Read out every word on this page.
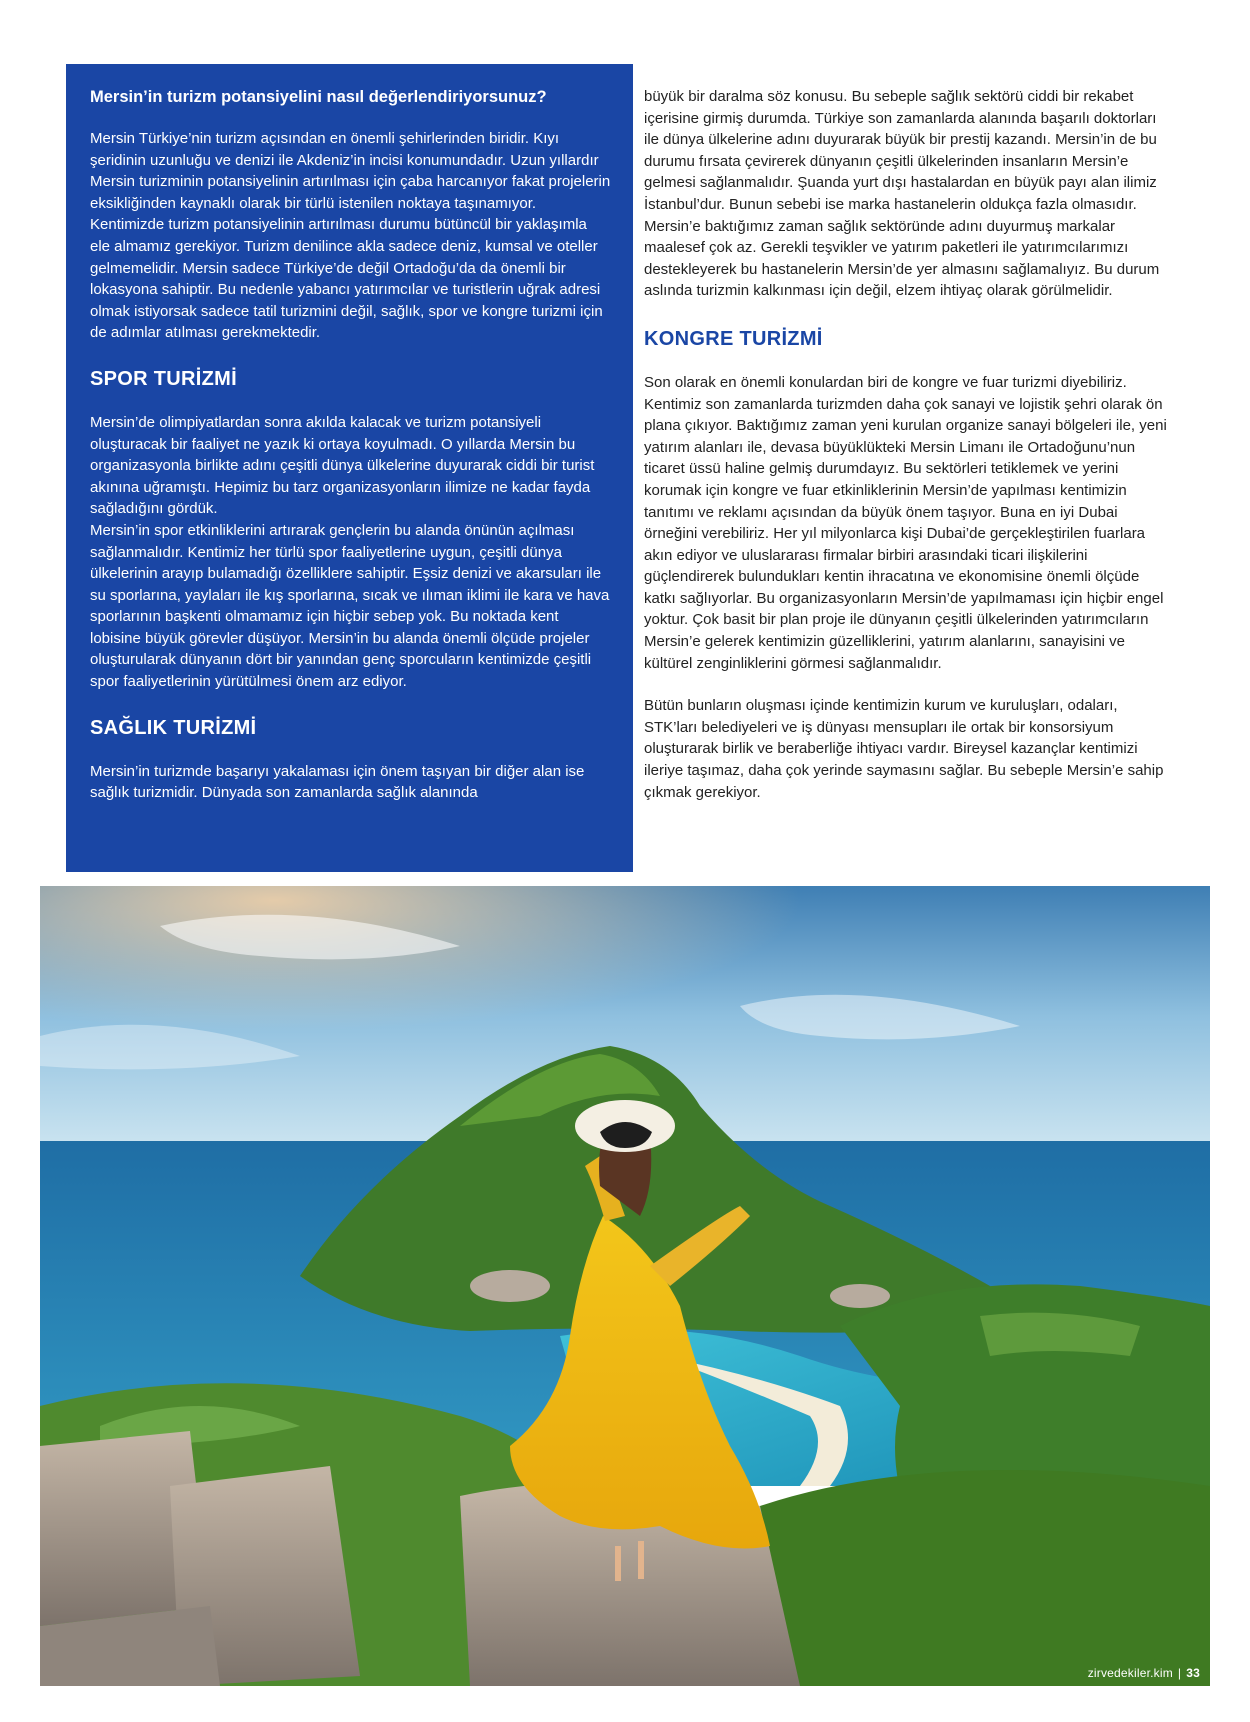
Mersin’in turizm potansiyelini nasıl değerlendiriyorsunuz?

Mersin Türkiye’nin turizm açısından en önemli şehirlerinden biridir. Kıyı şeridinin uzunluğu ve denizi ile Akdeniz’in incisi konumundadır. Uzun yıllardır Mersin turizminin potansiyelinin artırılması için çaba harcanıyor fakat projelerin eksikliğinden kaynaklı olarak bir türlü istenilen noktaya taşınamıyor. Kentimizde turizm potansiyelinin artırılması durumu bütüncül bir yaklaşımla ele almamız gerekiyor. Turizm denilince akla sadece deniz, kumsal ve oteller gelmemelidir. Mersin sadece Türkiye’de değil Ortadoğu’da da önemli bir lokasyona sahiptir. Bu nedenle yabancı yatırımcılar ve turistlerin uğrak adresi olmak istiyorsak sadece tatil turizmini değil, sağlık, spor ve kongre turizmi için de adımlar atılması gerekmektedir.

SPOR TURİZMİ

Mersin’de olimpiyatlardan sonra akılda kalacak ve turizm potansiyeli oluşturacak bir faaliyet ne yazık ki ortaya koyulmadı. O yıllarda Mersin bu organizasyonla birlikte adını çeşitli dünya ülkelerine duyurarak ciddi bir turist akınına uğramıştı. Hepimiz bu tarz organizasyonların ilimize ne kadar fayda sağladığını gördük.

Mersin’in spor etkinliklerini artırarak gençlerin bu alanda önünün açılması sağlanmalıdır. Kentimiz her türlü spor faaliyetlerine uygun, çeşitli dünya ülkelerinin arayıp bulamadığı özelliklere sahiptir. Eşsiz denizi ve akarsuları ile su sporlarına, yaylaları ile kış sporlarına, sıcak ve ılıman iklimi ile kara ve hava sporlarının başkenti olmamamız için hiçbir sebep yok. Bu noktada kent lobisine büyük görevler düşüyor. Mersin’in bu alanda önemli ölçüde projeler oluşturularak dünyanın dört bir yanından genç sporcuların kentimizde çeşitli spor faaliyetlerinin yürütülmesi önem arz ediyor.

SAĞLIK TURİZMİ

Mersin’in turizmde başarıyı yakalaması için önem taşıyan bir diğer alan ise sağlık turizmidir. Dünyada son zamanlarda sağlık alanında

büyük bir daralma söz konusu. Bu sebeple sağlık sektörü ciddi bir rekabet içerisine girmiş durumda. Türkiye son zamanlarda alanında başarılı doktorları ile dünya ülkelerine adını duyurarak büyük bir prestij kazandı. Mersin’in de bu durumu fırsata çevirerek dünyanın çeşitli ülkelerinden insanların Mersin’e gelmesi sağlanmalıdır. Şuanda yurt dışı hastalardan en büyük payı alan ilimiz İstanbul’dur. Bunun sebebi ise marka hastanelerin oldukça fazla olmasıdır. Mersin’e baktığımız zaman sağlık sektöründe adını duyurmuş markalar maalesef çok az. Gerekli teşvikler ve yatırım paketleri ile yatırımcılarımızı destekleyerek bu hastanelerin Mersin’de yer almasını sağlamalıyız. Bu durum aslında turizmin kalkınması için değil, elzem ihtiyaç olarak görülmelidir.

KONGRE TURİZMİ

Son olarak en önemli konulardan biri de kongre ve fuar turizmi diyebiliriz. Kentimiz son zamanlarda turizmden daha çok sanayi ve lojistik şehri olarak ön plana çıkıyor. Baktığımız zaman yeni kurulan organize sanayi bölgeleri ile, yeni yatırım alanları ile, devasa büyüklükteki Mersin Limanı ile Ortadoğunu’nun ticaret üssü haline gelmiş durumdayız. Bu sektörleri tetiklemek ve yerini korumak için kongre ve fuar etkinliklerinin Mersin’de yapılması kentimizin tanıtımı ve reklamı açısından da büyük önem taşıyor. Buna en iyi Dubai örneğini verebiliriz. Her yıl milyonlarca kişi Dubai’de gerçekleştirilen fuarlara akın ediyor ve uluslararası firmalar birbiri arasındaki ticari ilişkilerini güçlendirerek bulundukları kentin ihracatına ve ekonomisine önemli ölçüde katkı sağlıyorlar. Bu organizasyonların Mersin’de yapılmaması için hiçbir engel yoktur. Çok basit bir plan proje ile dünyanın çeşitli ülkelerinden yatırımcıların Mersin’e gelerek kentimizin güzelliklerini, yatırım alanlarını, sanayisini ve kültürel zenginliklerini görmesi sağlanmalıdır.

Bütün bunların oluşması içinde kentimizin kurum ve kuruluşları, odaları, STK’ları belediyeleri ve iş dünyası mensupları ile ortak bir konsorsiyum oluşturarak birlik ve beraberliğe ihtiyacı vardır. Bireysel kazançlar kentimizi ileriye taşımaz, daha çok yerinde saymasını sağlar. Bu sebeple Mersin’e sahip çıkmak gerekiyor.

zirvedekiler.kim | 33
